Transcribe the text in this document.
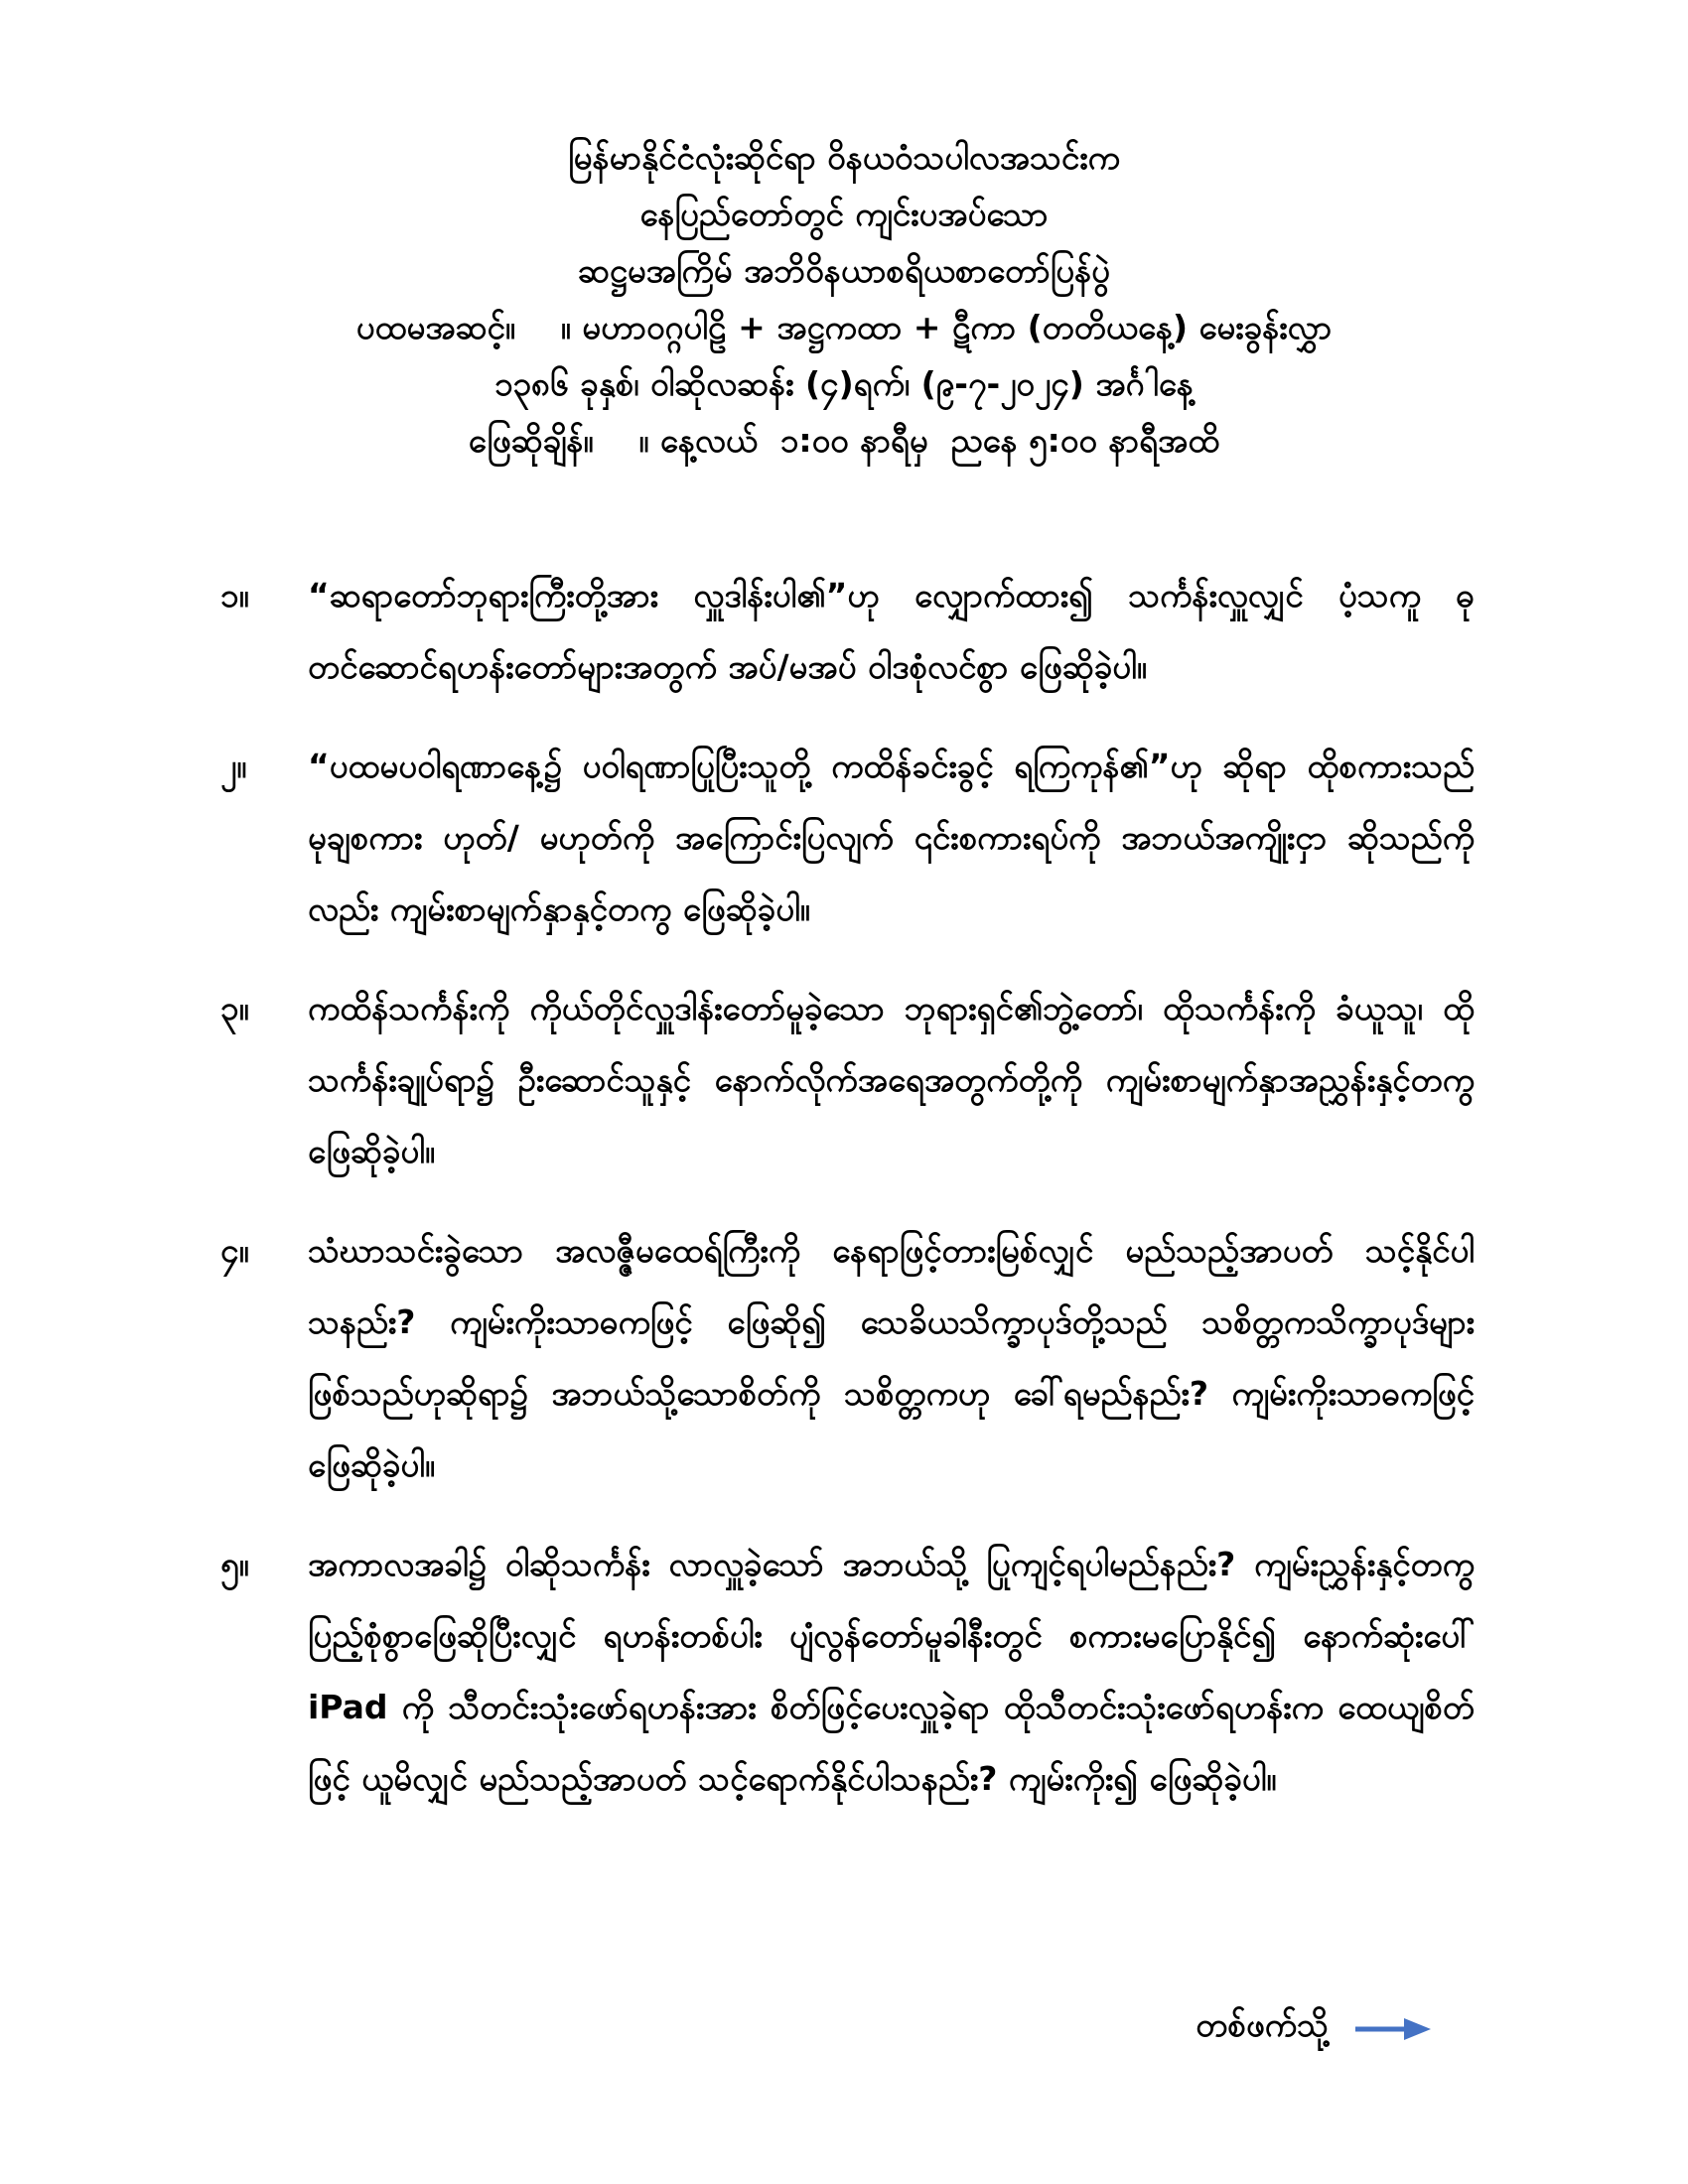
မြန်မာနိုင်ငံလုံးဆိုင်ရာ ဝိနယဝံသပါလအသင်းက
နေပြည်တော်တွင် ကျင်းပအပ်သော
ဆဋ္ဌမအကြိမ် အဘိဝိနယာစရိယစာတော်ပြန်ပွဲ
ပထမအဆင့်။    ။ မဟာဝဂ္ဂပါဠိ + အဋ္ဌကထာ + ဋီကာ (တတိယနေ့) မေးခွန်းလွှာ
၁၃၈၆ ခုနှစ်၊ ဝါဆိုလဆန်း (၄)ရက်၊ (၉-၇-၂၀၂၄) အင်္ဂါနေ့
ဖြေဆိုချိန်။    ။ နေ့လယ်  ၁:၀၀ နာရီမှ  ညနေ ၅:၀၀ နာရီအထိ
၁။	“ဆရာတော်ဘုရားကြီးတို့အား လှူဒါန်းပါ၏”ဟု လျှောက်ထား၍ သင်္ကန်းလှူလျှင် ပံ့သကူ ဓုတင်ဆောင်ရဟန်းတော်များအတွက် အပ်/မအပ် ဝါဒစုံလင်စွာ ဖြေဆိုခဲ့ပါ။
၂။	“ပထမပဝါရဏာနေ့၌ ပဝါရဏာပြုပြီးသူတို့ ကထိန်ခင်းခွင့် ရကြကုန်၏”ဟု ဆိုရာ ထိုစကားသည် မုချစကား ဟုတ်/ မဟုတ်ကို အကြောင်းပြလျက် ၎င်းစကားရပ်ကို အဘယ်အကျိုးငှာ ဆိုသည်ကိုလည်း ကျမ်းစာမျက်နှာနှင့်တကွ ဖြေဆိုခဲ့ပါ။
၃။	ကထိန်သင်္ကန်းကို ကိုယ်တိုင်လှူဒါန်းတော်မူခဲ့သော ဘုရားရှင်၏ဘွဲ့တော်၊ ထိုသင်္ကန်းကို ခံယူသူ၊ ထိုသင်္ကန်းချုပ်ရာ၌ ဦးဆောင်သူနှင့် နောက်လိုက်အရေအတွက်တို့ကို ကျမ်းစာမျက်နှာအညွှန်းနှင့်တကွ ဖြေဆိုခဲ့ပါ။
၄။	သံဃာသင်းခွဲသော အလဇ္ဇီမထေရ်ကြီးကို နေရာဖြင့်တားမြစ်လျှင် မည်သည့်အာပတ် သင့်နိုင်ပါသနည်း? ကျမ်းကိုးသာဓကဖြင့် ဖြေဆို၍ သေခိယသိက္ခာပုဒ်တို့သည် သစိတ္တကသိက္ခာပုဒ်များ ဖြစ်သည်ဟုဆိုရာ၌ အဘယ်သို့သောစိတ်ကို သစိတ္တကဟု ခေါ်ရမည်နည်း? ကျမ်းကိုးသာဓကဖြင့် ဖြေဆိုခဲ့ပါ။
၅။	အကာလအခါ၌ ဝါဆိုသင်္ကန်း လာလှူခဲ့သော် အဘယ်သို့ ပြုကျင့်ရပါမည်နည်း? ကျမ်းညွှန်းနှင့်တကွ ပြည့်စုံစွာဖြေဆိုပြီးလျှင် ရဟန်းတစ်ပါး ပျံလွန်တော်မူခါနီးတွင် စကားမပြောနိုင်၍ နောက်ဆုံးပေါ် iPad ကို သီတင်းသုံးဖော်ရဟန်းအား စိတ်ဖြင့်ပေးလှူခဲ့ရာ ထိုသီတင်းသုံးဖော်ရဟန်းက ထေယျစိတ်ဖြင့် ယူမိလျှင် မည်သည့်အာပတ် သင့်ရောက်နိုင်ပါသနည်း? ကျမ်းကိုး၍ ဖြေဆိုခဲ့ပါ။
တစ်ဖက်သို့
